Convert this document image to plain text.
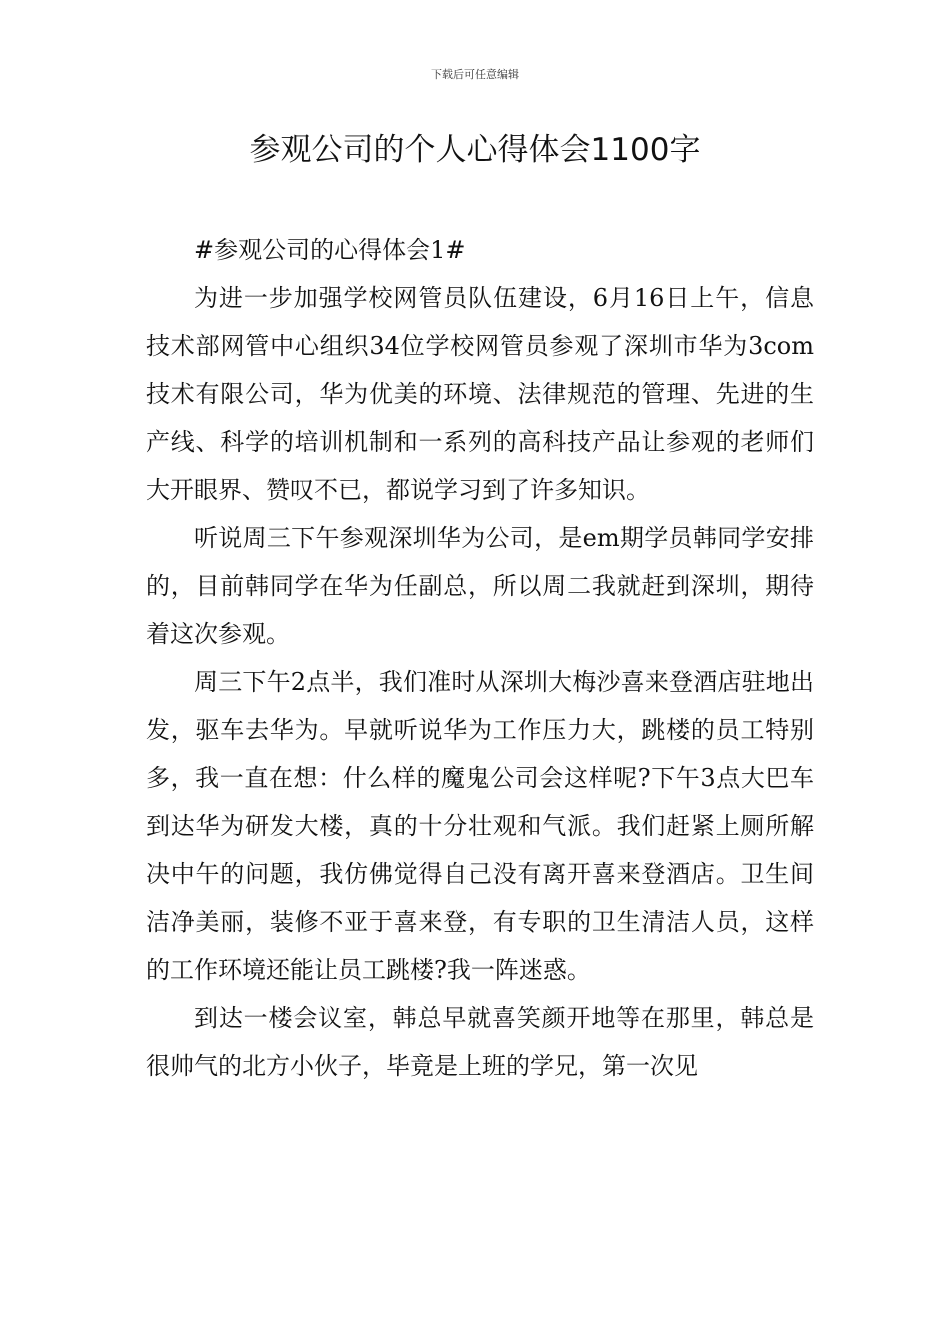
下载后可任意编辑
参观公司的个人心得体会1100字

#参观公司的心得体会1#

为进一步加强学校网管员队伍建设，6月16日上午，信息技术部网管中心组织34位学校网管员参观了深圳市华为3com技术有限公司，华为优美的环境、法律规范的管理、先进的生产线、科学的培训机制和一系列的高科技产品让参观的老师们大开眼界、赞叹不已，都说学习到了许多知识。

听说周三下午参观深圳华为公司，是em期学员韩同学安排的，目前韩同学在华为任副总，所以周二我就赶到深圳，期待着这次参观。

周三下午2点半，我们准时从深圳大梅沙喜来登酒店驻地出发，驱车去华为。早就听说华为工作压力大，跳楼的员工特别多，我一直在想：什么样的魔鬼公司会这样呢?下午3点大巴车到达华为研发大楼，真的十分壮观和气派。我们赶紧上厕所解决中午的问题，我仿佛觉得自己没有离开喜来登酒店。卫生间洁净美丽，装修不亚于喜来登，有专职的卫生清洁人员，这样的工作环境还能让员工跳楼?我一阵迷惑。

到达一楼会议室，韩总早就喜笑颜开地等在那里，韩总是很帅气的北方小伙子，毕竟是上班的学兄，第一次见
